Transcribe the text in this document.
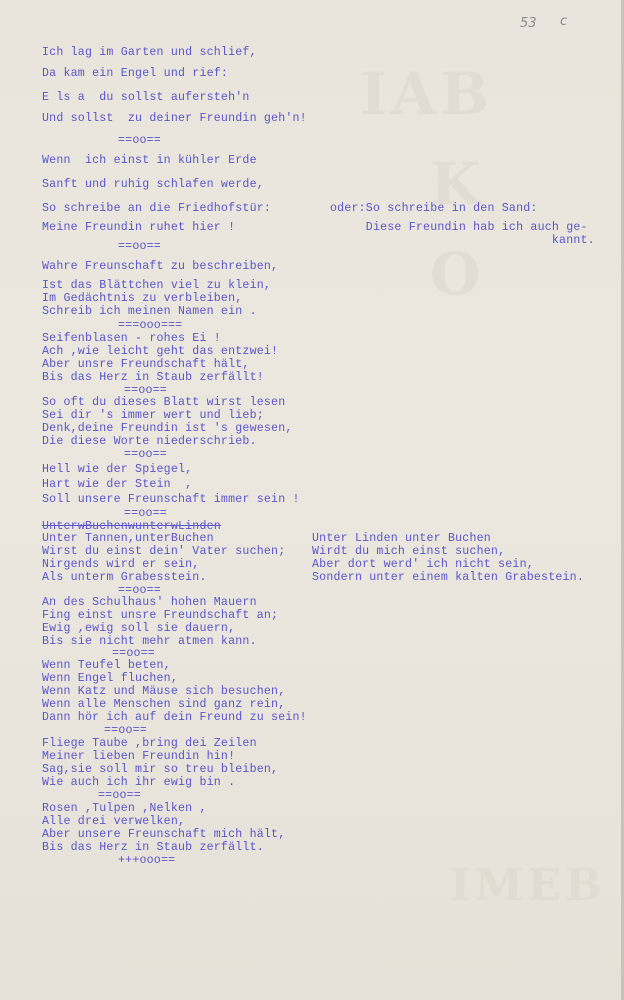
IAB
K
O
IMEB
53 c
Ich lag im Garten und schlief,
Da kam ein Engel und rief:
E ls a  du sollst aufersteh'n
Und sollst  zu deiner Freundin geh'n!
==oo==
Wenn  ich einst in kühler Erde
Sanft und ruhig schlafen werde,
So schreibe an die Friedhofstür:
Meine Freundin ruhet hier !
==oo==
oder:So schreibe in den Sand:
Diese Freundin hab ich auch ge-
kannt.
Wahre Freunschaft zu beschreiben,
Ist das Blättchen viel zu klein,
Im Gedächtnis zu verbleiben,
Schreib ich meinen Namen ein .
===ooo===
Seifenblasen - rohes Ei !
Ach ,wie leicht geht das entzwei!
Aber unsre Freundschaft hält,
Bis das Herz in Staub zerfällt!
==oo==
So oft du dieses Blatt wirst lesen
Sei dir 's immer wert und lieb;
Denk,deine Freundin ist 's gewesen,
Die diese Worte niederschrieb.
==oo==
Hell wie der Spiegel,
Hart wie der Stein  ,
Soll unsere Freunschaft immer sein !
==oo==
UnterwBuchenwunterwLinden
Unter Tannen,unterBuchen
Wirst du einst dein' Vater suchen;
Nirgends wird er sein,
Als unterm Grabesstein.
==oo==
Unter Linden unter Buchen
Wirdt du mich einst suchen,
Aber dort werd' ich nicht sein,
Sondern unter einem kalten Grabestein.
An des Schulhaus' hohen Mauern
Fing einst unsre Freundschaft an;
Ewig ,ewig soll sie dauern,
Bis sie nicht mehr atmen kann.
==oo==
Wenn Teufel beten,
Wenn Engel fluchen,
Wenn Katz und Mäuse sich besuchen,
Wenn alle Menschen sind ganz rein,
Dann hör ich auf dein Freund zu sein!
==oo==
Fliege Taube ,bring dei Zeilen
Meiner lieben Freundin hin!
Sag,sie soll mir so treu bleiben,
Wie auch ich ihr ewig bin .
==oo==
Rosen ,Tulpen ,Nelken ,
Alle drei verwelken,
Aber unsere Freunschaft mich hält,
Bis das Herz in Staub zerfällt.
+++ooo==
